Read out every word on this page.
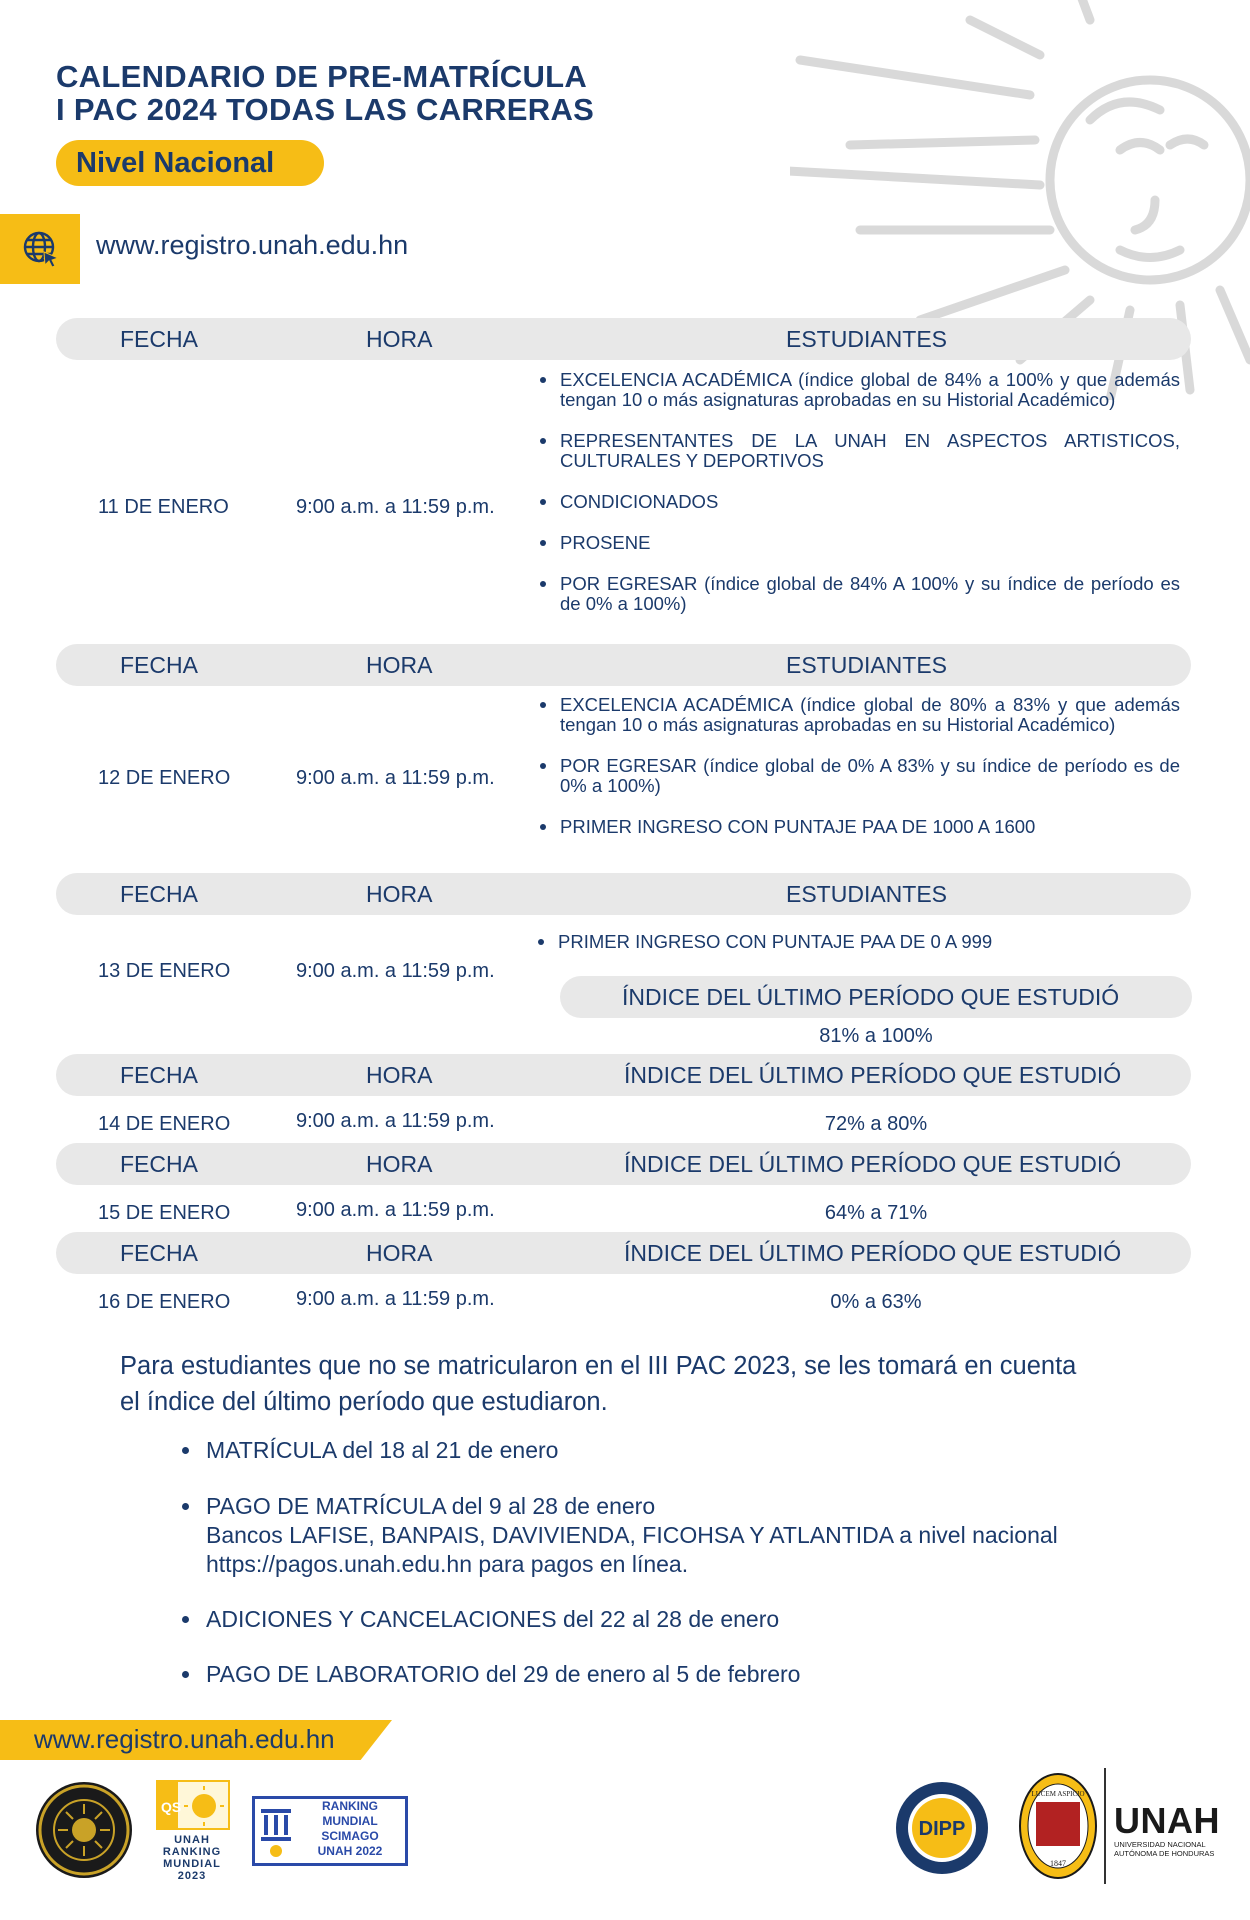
CALENDARIO DE PRE-MATRÍCULA
I PAC 2024 TODAS LAS CARRERAS
Nivel Nacional
www.registro.unah.edu.hn
FECHA	HORA	ESTUDIANTES
11 DE ENERO	9:00 a.m. a 11:59 p.m.
EXCELENCIA ACADÉMICA (índice global de 84% a 100% y que además tengan 10 o más asignaturas aprobadas en su Historial Académico)
REPRESENTANTES DE LA UNAH EN ASPECTOS ARTISTICOS, CULTURALES Y DEPORTIVOS
CONDICIONADOS
PROSENE
POR EGRESAR (índice global de 84% A 100% y su índice de período es de 0% a 100%)
FECHA	HORA	ESTUDIANTES
12 DE ENERO	9:00 a.m. a 11:59 p.m.
EXCELENCIA ACADÉMICA (índice global de 80% a 83% y que además tengan 10 o más asignaturas aprobadas en su Historial Académico)
POR EGRESAR (índice global de 0% A 83% y su índice de período es de 0% a 100%)
PRIMER INGRESO CON PUNTAJE PAA DE 1000 A 1600
FECHA	HORA	ESTUDIANTES
13 DE ENERO	9:00 a.m. a 11:59 p.m.
PRIMER INGRESO CON PUNTAJE PAA DE 0 A 999
ÍNDICE DEL ÚLTIMO PERÍODO QUE ESTUDIÓ
81% a 100%
FECHA	HORA	ÍNDICE DEL ÚLTIMO PERÍODO QUE ESTUDIÓ
14 DE ENERO	9:00 a.m. a 11:59 p.m.	72% a 80%
FECHA	HORA	ÍNDICE DEL ÚLTIMO PERÍODO QUE ESTUDIÓ
15 DE ENERO	9:00 a.m. a 11:59 p.m.	64% a 71%
FECHA	HORA	ÍNDICE DEL ÚLTIMO PERÍODO QUE ESTUDIÓ
16 DE ENERO	9:00 a.m. a 11:59 p.m.	0% a 63%
Para estudiantes que no se matricularon en el III PAC 2023, se les tomará en cuenta
el índice del último período que estudiaron.
MATRÍCULA del 18 al 21 de enero
PAGO DE MATRÍCULA del 9 al 28 de enero
Bancos LAFISE, BANPAIS, DAVIVIENDA, FICOHSA Y ATLANTIDA a nivel nacional
https://pagos.unah.edu.hn para pagos en línea.
ADICIONES Y CANCELACIONES del 22 al 28 de enero
PAGO DE LABORATORIO del 29 de enero al 5 de febrero
www.registro.unah.edu.hn
QS
UNAH
RANKING
MUNDIAL
2023
RANKING
MUNDIAL
SCIMAGO
UNAH 2022
DIPP
LUCEM ASPICIO
1847
UNAH
UNIVERSIDAD NACIONAL
AUTÓNOMA DE HONDURAS
